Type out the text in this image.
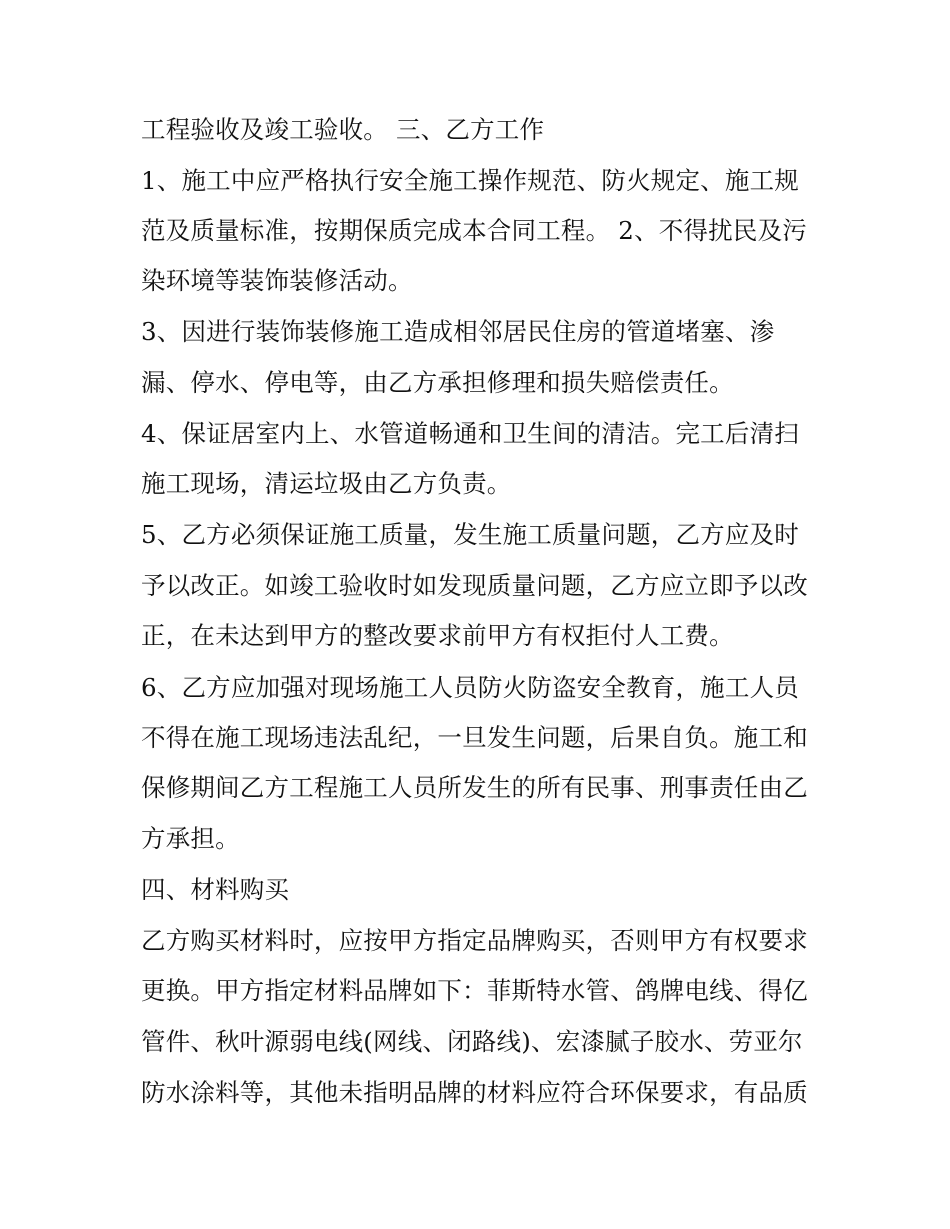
工程验收及竣工验收。 三、乙方工作
1、施工中应严格执行安全施工操作规范、防火规定、施工规
范及质量标准，按期保质完成本合同工程。 2、不得扰民及污
染环境等装饰装修活动。
3、因进行装饰装修施工造成相邻居民住房的管道堵塞、渗
漏、停水、停电等，由乙方承担修理和损失赔偿责任。
4、保证居室内上、水管道畅通和卫生间的清洁。完工后清扫
施工现场，清运垃圾由乙方负责。
5、乙方必须保证施工质量，发生施工质量问题，乙方应及时
予以改正。如竣工验收时如发现质量问题，乙方应立即予以改
正，在未达到甲方的整改要求前甲方有权拒付人工费。
6、乙方应加强对现场施工人员防火防盗安全教育，施工人员
不得在施工现场违法乱纪，一旦发生问题，后果自负。施工和
保修期间乙方工程施工人员所发生的所有民事、刑事责任由乙
方承担。
四、材料购买
乙方购买材料时，应按甲方指定品牌购买，否则甲方有权要求
更换。甲方指定材料品牌如下：菲斯特水管、鸽牌电线、得亿
管件、秋叶源弱电线(网线、闭路线)、宏漆腻子胶水、劳亚尔
防水涂料等，其他未指明品牌的材料应符合环保要求，有品质
